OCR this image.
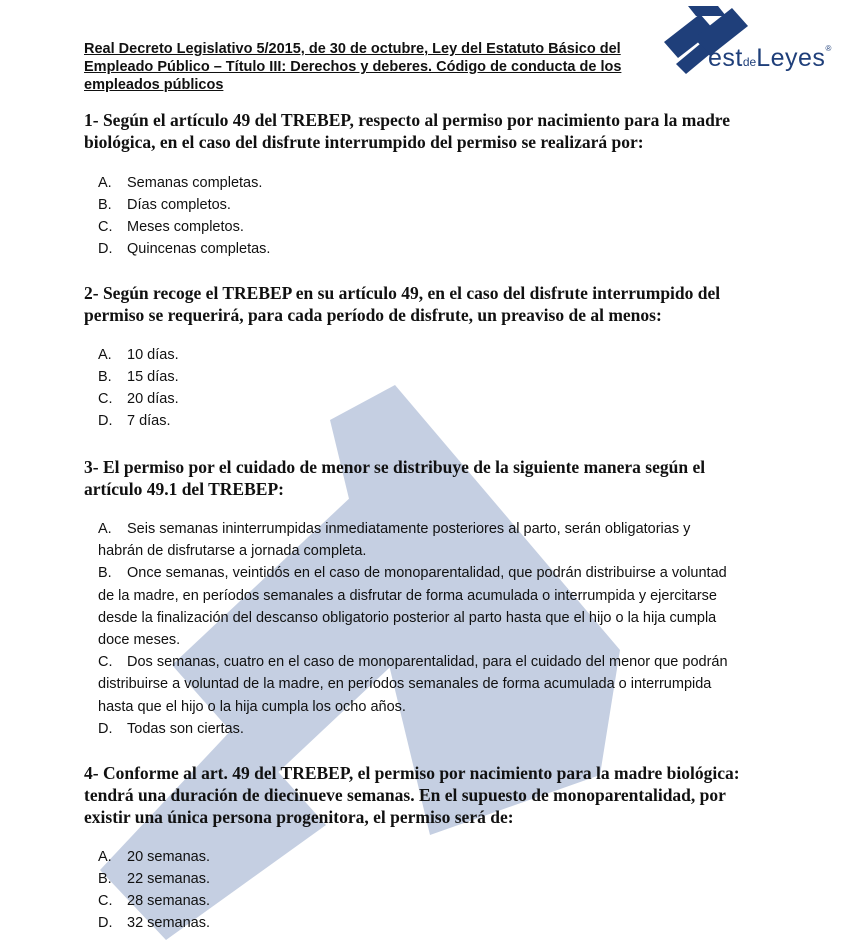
estdeLeyes®
Real Decreto Legislativo 5/2015, de 30 de octubre, Ley del Estatuto Básico del Empleado Público – Título III: Derechos y deberes. Código de conducta de los empleados públicos
1- Según el artículo 49 del TREBEP, respecto al permiso por nacimiento para la madre biológica, en el caso del disfrute interrumpido del permiso se realizará por:
A. Semanas completas.
B. Días completos.
C. Meses completos.
D. Quincenas completas.
2- Según recoge el TREBEP en su artículo 49, en el caso del disfrute interrumpido del permiso se requerirá, para cada período de disfrute, un preaviso de al menos:
A. 10 días.
B. 15 días.
C. 20 días.
D. 7 días.
3- El permiso por el cuidado de menor se distribuye de la siguiente manera según el artículo 49.1 del TREBEP:

A. Seis semanas ininterrumpidas inmediatamente posteriores al parto, serán obligatorias y habrán de disfrutarse a jornada completa.

B. Once semanas, veintidós en el caso de monoparentalidad, que podrán distribuirse a voluntad de la madre, en períodos semanales a disfrutar de forma acumulada o interrumpida y ejercitarse desde la finalización del descanso obligatorio posterior al parto hasta que el hijo o la hija cumpla doce meses.

C. Dos semanas, cuatro en el caso de monoparentalidad, para el cuidado del menor que podrán distribuirse a voluntad de la madre, en períodos semanales de forma acumulada o interrumpida hasta que el hijo o la hija cumpla los ocho años.

D. Todas son ciertas.

4- Conforme al art. 49 del TREBEP, el permiso por nacimiento para la madre biológica: tendrá una duración de diecinueve semanas. En el supuesto de monoparentalidad, por existir una única persona progenitora, el permiso será de:
A. 20 semanas.
B. 22 semanas.
C. 28 semanas.
D. 32 semanas.
